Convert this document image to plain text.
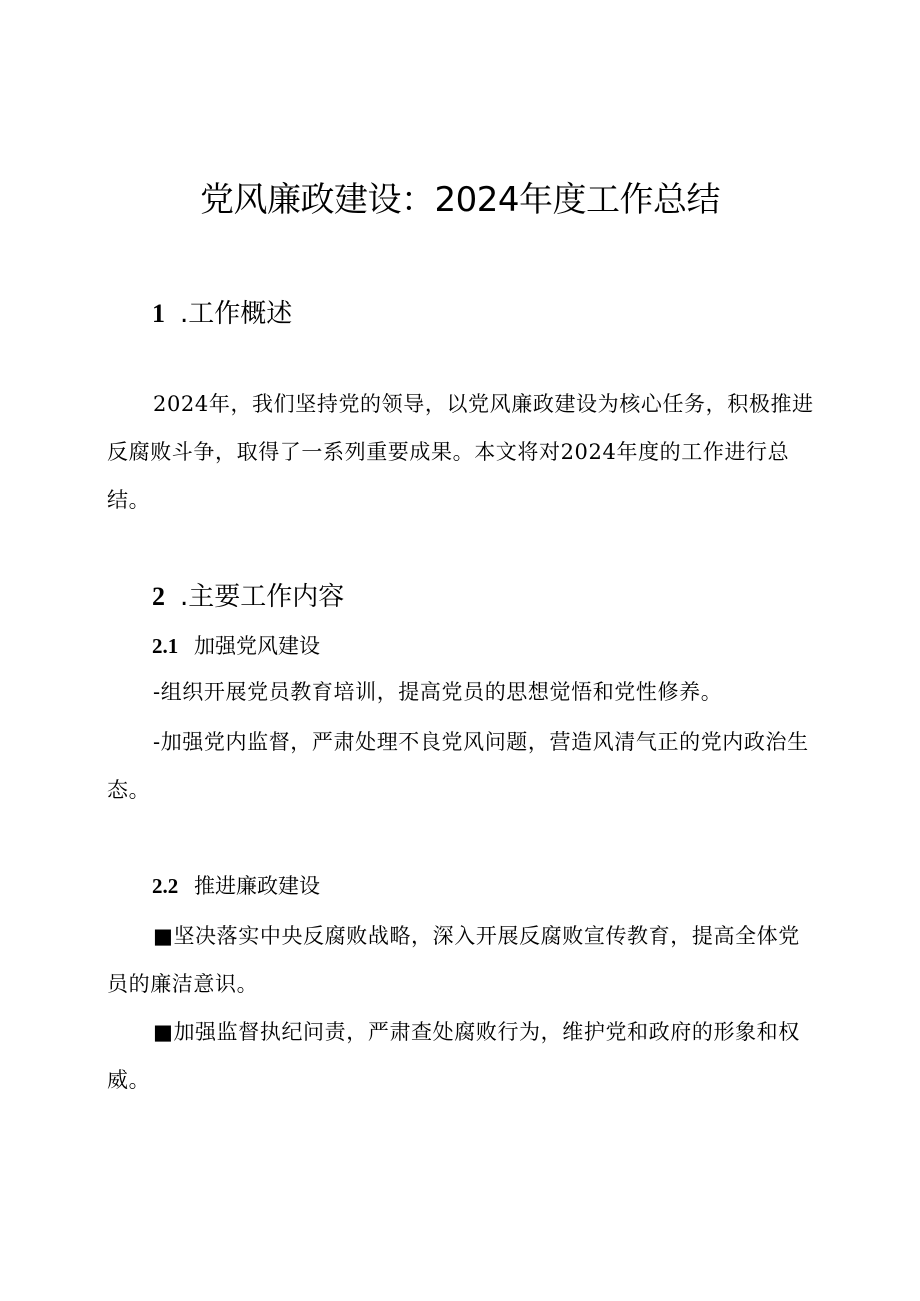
党风廉政建设：2024年度工作总结
1 .工作概述

2024年，我们坚持党的领导，以党风廉政建设为核心任务，积极推进反腐败斗争，取得了一系列重要成果。本文将对2024年度的工作进行总结。

2 .主要工作内容
2.1 加强党风建设

-组织开展党员教育培训，提高党员的思想觉悟和党性修养。

-加强党内监督，严肃处理不良党风问题，营造风清气正的党内政治生态。

2.2 推进廉政建设

■坚决落实中央反腐败战略，深入开展反腐败宣传教育，提高全体党员的廉洁意识。

■加强监督执纪问责，严肃查处腐败行为，维护党和政府的形象和权威。
